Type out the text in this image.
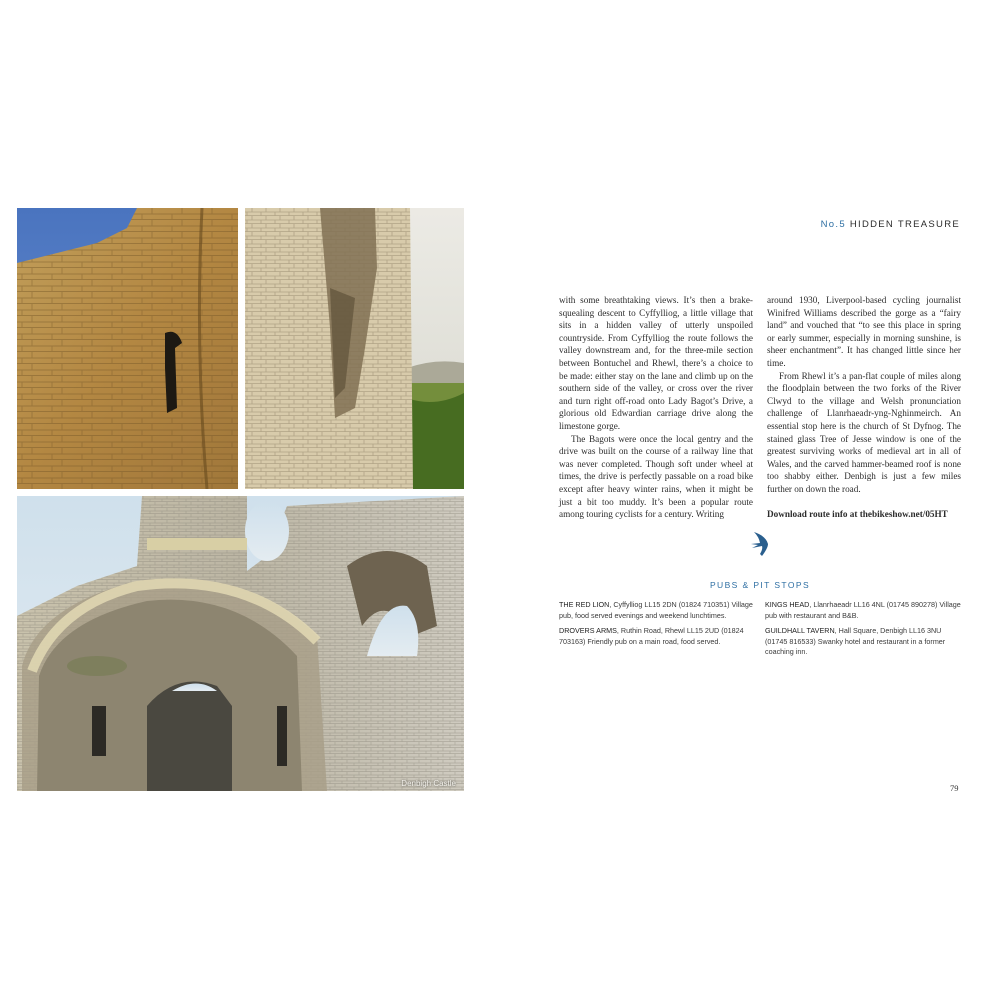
Denbigh Castle
No.5 HIDDEN TREASURE

with some breathtaking views. It’s then a brake-squealing descent to Cyffylliog, a little village that sits in a hidden valley of utterly unspoiled countryside. From Cyffylliog the route follows the valley downstream and, for the three-mile section between Bontuchel and Rhewl, there’s a choice to be made: either stay on the lane and climb up on the southern side of the valley, or cross over the river and turn right off-road onto Lady Bagot’s Drive, a glorious old Edwardian carriage drive along the limestone gorge.

The Bagots were once the local gentry and the drive was built on the course of a railway line that was never completed. Though soft under wheel at times, the drive is perfectly passable on a road bike except after heavy winter rains, when it might be just a bit too muddy. It’s been a popular route among touring cyclists for a century. Writing

around 1930, Liverpool-based cycling journalist Winifred Williams described the gorge as a “fairy land” and vouched that “to see this place in spring or early summer, especially in morning sunshine, is sheer enchantment”. It has changed little since her time.

From Rhewl it’s a pan-flat couple of miles along the floodplain between the two forks of the River Clwyd to the village and Welsh pronunciation challenge of Llanrhaeadr-yng-Nghinmeirch. An essential stop here is the church of St Dyfnog. The stained glass Tree of Jesse window is one of the greatest surviving works of medieval art in all of Wales, and the carved hammer-beamed roof is none too shabby either. Denbigh is just a few miles further on down the road.

Download route info at thebikeshow.net/05HT

PUBS & PIT STOPS
THE RED LION, Cyffylliog LL15 2DN (01824 710351) Village pub, food served evenings and weekend lunchtimes.
DROVERS ARMS, Ruthin Road, Rhewl LL15 2UD (01824 703163) Friendly pub on a main road, food served.
KINGS HEAD, Llanrhaeadr LL16 4NL (01745 890278) Village pub with restaurant and B&B.
GUILDHALL TAVERN, Hall Square, Denbigh LL16 3NU (01745 816533) Swanky hotel and restaurant in a former coaching inn.
79
